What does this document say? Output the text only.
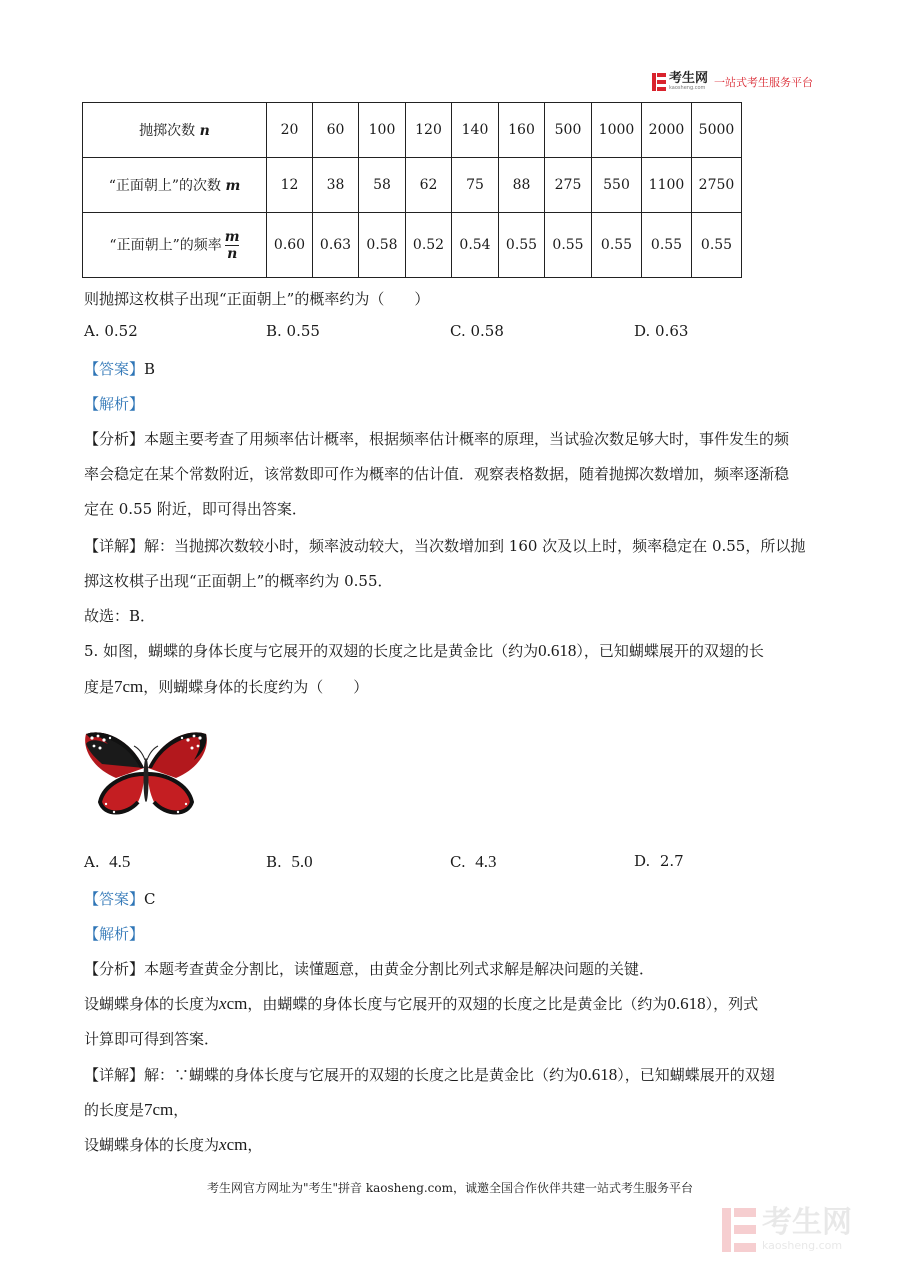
考生网
kaosheng.com 一站式考生服务平台
抛掷次数 n	20	60	100	120	140	160	500	1000	2000	5000
“正面朝上”的次数 m	12	38	58	62	75	88	275	550	1100	2750
“正面朝上”的频率 $\frac{m}{n}$	0.60	0.63	0.58	0.52	0.54	0.55	0.55	0.55	0.55	0.55
则抛掷这枚棋子出现“正面朝上”的概率约为（　　）
A. 0.52	B. 0.55	C. 0.58	D. 0.63
【答案】B
【解析】
【分析】本题主要考查了用频率估计概率，根据频率估计概率的原理，当试验次数足够大时，事件发生的频
率会稳定在某个常数附近，该常数即可作为概率的估计值．观察表格数据，随着抛掷次数增加，频率逐渐稳
定在 0.55 附近，即可得出答案．
【详解】解：当抛掷次数较小时，频率波动较大，当次数增加到 160 次及以上时，频率稳定在 0.55，所以抛
掷这枚棋子出现“正面朝上”的概率约为 0.55．
故选：B．
5. 如图，蝴蝶的身体长度与它展开的双翅的长度之比是黄金比（约为0.618），已知蝴蝶展开的双翅的长
度是7cm，则蝴蝶身体的长度约为（　　）
A. 4.5	B. 5.0	C. 4.3	D. 2.7
【答案】C
【解析】
【分析】本题考查黄金分割比，读懂题意，由黄金分割比列式求解是解决问题的关键．
设蝴蝶身体的长度为xcm，由蝴蝶的身体长度与它展开的双翅的长度之比是黄金比（约为0.618），列式
计算即可得到答案．
【详解】解：∵蝴蝶的身体长度与它展开的双翅的长度之比是黄金比（约为0.618），已知蝴蝶展开的双翅
的长度是7cm，
设蝴蝶身体的长度为xcm，
考生网官方网址为"考生"拼音 kaosheng.com，诚邀全国合作伙伴共建一站式考生服务平台
考生网
kaosheng.com
